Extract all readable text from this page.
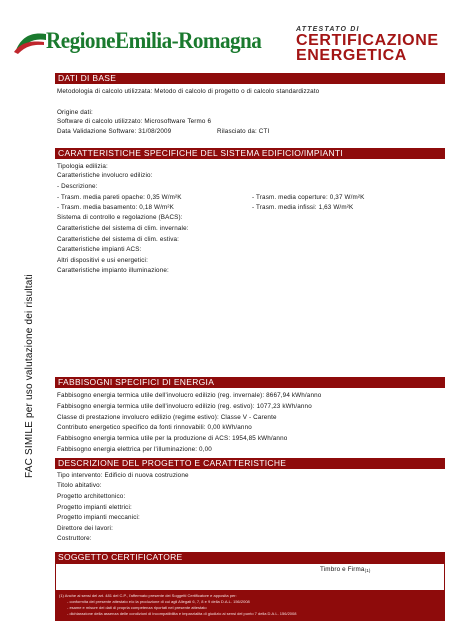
RegioneEmilia-Romagna	ATTESTATO DI
CERTIFICAZIONE
ENERGETICA
FAC SIMILE per uso valutazione dei risultati
DATI DI BASE
Metodologia di calcolo utilizzata: Metodo di calcolo di progetto o di calcolo standardizzato
Origine dati:
Software di calcolo utilizzato: Microsoftware Termo 6
Data Validazione Software: 31/08/2009	Rilasciato da: CTI
CARATTERISTICHE SPECIFICHE DEL SISTEMA EDIFICIO/IMPIANTI
Tipologia edilizia:
Caratteristiche involucro edilizio:
- Descrizione:
- Trasm. media pareti opache: 0,35 W/m²K	- Trasm. media coperture: 0,37 W/m²K
- Trasm. media basamento: 0,18 W/m²K	- Trasm. media infissi: 1,63 W/m²K
Sistema di controllo e regolazione (BACS):
Caratteristiche del sistema di clim. invernale:
Caratteristiche del sistema di clim. estiva:
Caratteristiche impianti ACS:
Altri dispositivi e usi energetici:
Caratteristiche impianto illuminazione:
FABBISOGNI SPECIFICI DI ENERGIA
Fabbisogno energia termica utile dell'involucro edilizio (reg. invernale): 8667,94 kWh/anno
Fabbisogno energia termica utile dell'involucro edilizio (reg. estivo): 1077,23 kWh/anno
Classe di prestazione involucro edilizio (regime estivo): Classe V - Carente
Contributo energetico specifico da fonti rinnovabili: 0,00 kWh/anno
Fabbisogno energia termica utile per la produzione di ACS: 1954,85 kWh/anno
Fabbisogno energia elettrica per l'illuminazione: 0,00
DESCRIZIONE DEL PROGETTO E CARATTERISTICHE
Tipo intervento: Edificio di nuova costruzione
Titolo abitativo:
Progetto architettonico:
Progetto impianti elettrici:
Progetto impianti meccanici:
Direttore dei lavori:
Costruttore:
SOGGETTO CERTIFICATORE
Timbro e Firma(1)
(1) Anche ai sensi del art. 481 del C.P., l'affermato presente dei Soggetti Certificatore e apposita per:
- conformita del presente attestato e/o la produzione di cui agli Allegati 6, 7, 8 e 9 della D.A.L. 156/2008
- esame e misure dei dati di propria competenza riportati nel presente attestato
- dichiarazione della assenza delle condizioni di incompatibilita e imparzialita di giudizio ai sensi del punto 7 della D.A.L. 156/2008
